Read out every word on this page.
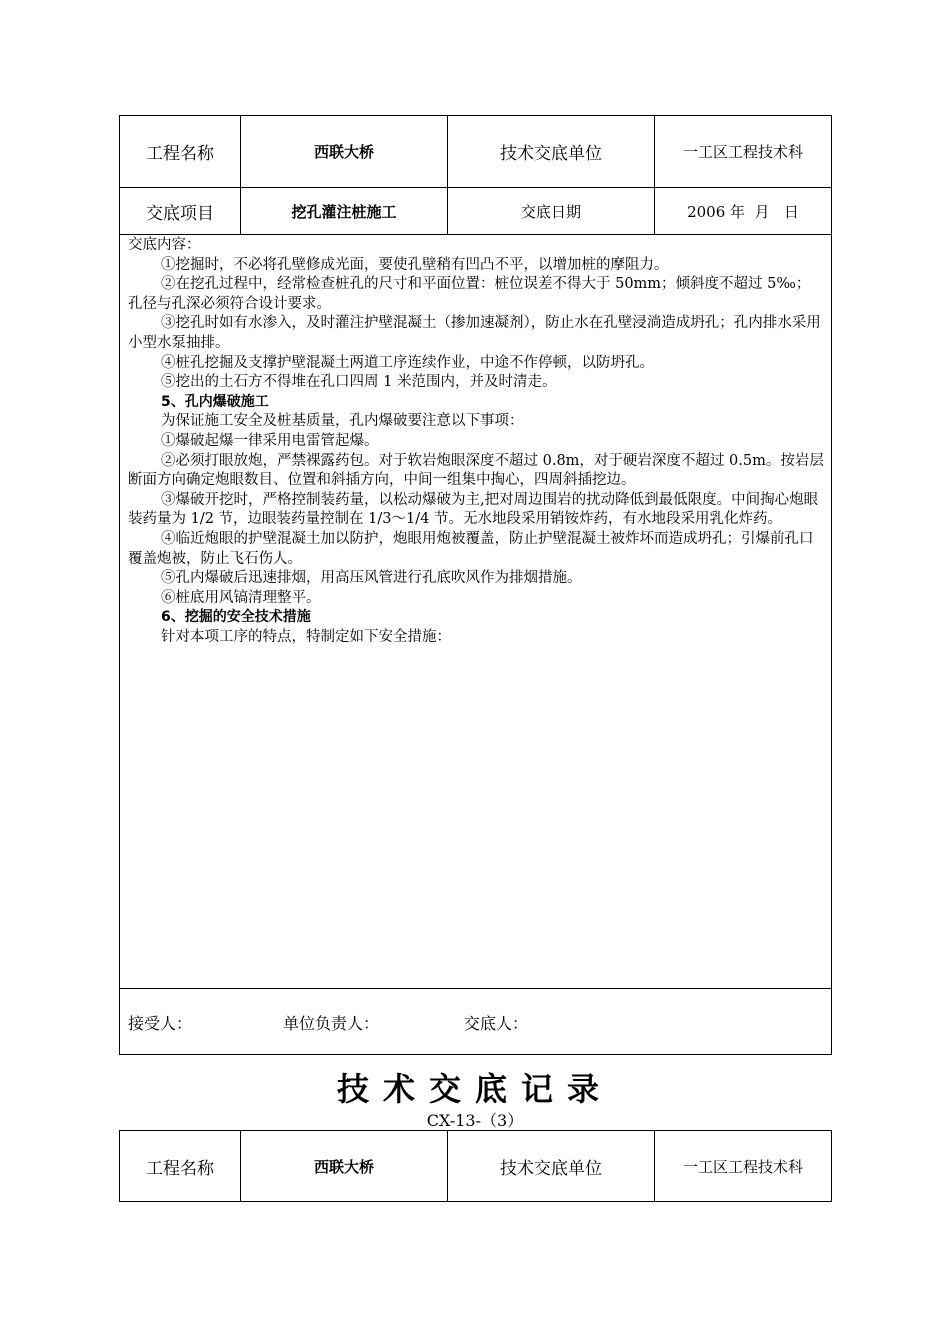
工程名称	西联大桥	技术交底单位	一工区工程技术科
交底项目	挖孔灌注桩施工	交底日期	2006 年  月   日

交底内容：

①挖掘时，不必将孔壁修成光面，要使孔壁稍有凹凸不平，以增加桩的摩阻力。

②在挖孔过程中，经常检查桩孔的尺寸和平面位置：桩位误差不得大于 50mm；倾斜度不超过 5‰；孔径与孔深必须符合设计要求。

③挖孔时如有水渗入，及时灌注护壁混凝土（掺加速凝剂），防止水在孔壁浸淌造成坍孔；孔内排水采用小型水泵抽排。

④桩孔挖掘及支撑护壁混凝土两道工序连续作业，中途不作停顿，以防坍孔。

⑤挖出的土石方不得堆在孔口四周 1 米范围内，并及时清走。

5、孔内爆破施工

为保证施工安全及桩基质量，孔内爆破要注意以下事项：

①爆破起爆一律采用电雷管起爆。

②必须打眼放炮，严禁裸露药包。对于软岩炮眼深度不超过 0.8m，对于硬岩深度不超过 0.5m。按岩层断面方向确定炮眼数目、位置和斜插方向，中间一组集中掏心，四周斜插挖边。

③爆破开挖时，严格控制装药量，以松动爆破为主,把对周边围岩的扰动降低到最低限度。中间掏心炮眼装药量为 1/2 节，边眼装药量控制在 1/3～1/4 节。无水地段采用销铵炸药，有水地段采用乳化炸药。

④临近炮眼的护壁混凝土加以防护，炮眼用炮被覆盖，防止护壁混凝土被炸坏而造成坍孔；引爆前孔口覆盖炮被，防止飞石伤人。

⑤孔内爆破后迅速排烟，用高压风管进行孔底吹风作为排烟措施。

⑥桩底用风镐清理整平。

6、挖掘的安全技术措施

针对本项工序的特点，特制定如下安全措施：

接受人：	单位负责人：	交底人：
技术交底记录
CX-13-（3）
工程名称	西联大桥	技术交底单位	一工区工程技术科
